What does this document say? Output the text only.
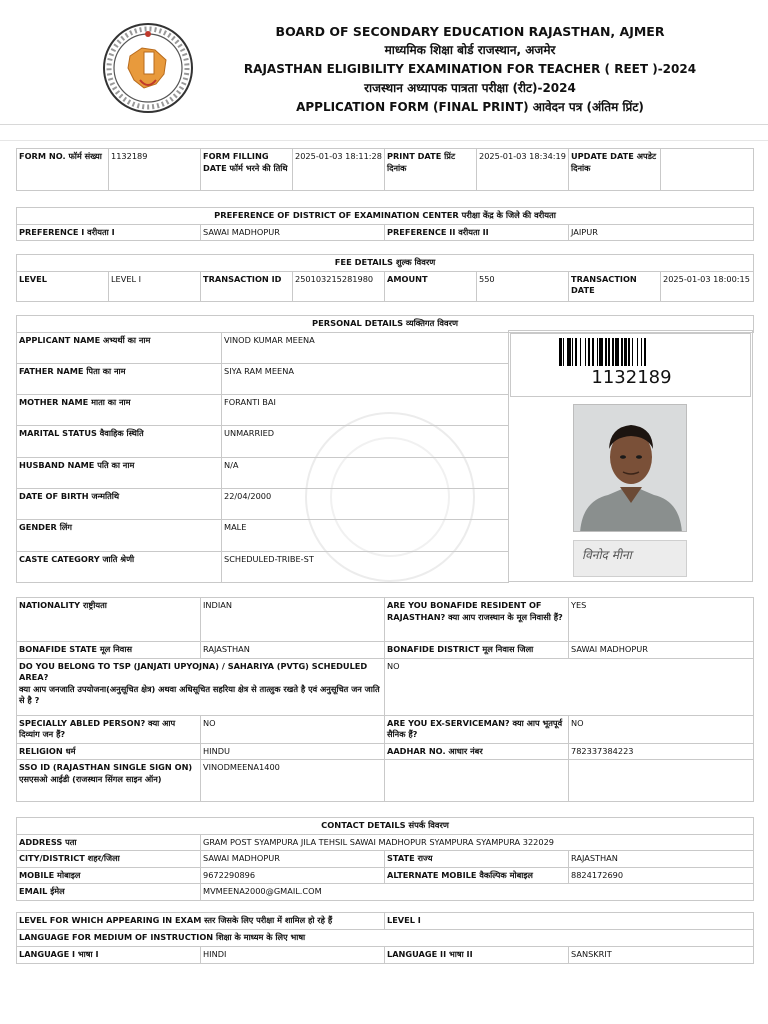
BOARD OF SECONDARY EDUCATION RAJASTHAN, AJMER
माध्यमिक शिक्षा बोर्ड राजस्थान, अजमेर
RAJASTHAN ELIGIBILITY EXAMINATION FOR TEACHER ( REET )-2024
राजस्थान अध्यापक पात्रता परीक्षा (रीट)-2024
APPLICATION FORM (FINAL PRINT) आवेदन पत्र (अंतिम प्रिंट)
FORM NO. फॉर्म संख्या	1132189	FORM FILLING DATE फॉर्म भरने की तिथि	2025-01-03 18:11:28	PRINT DATE प्रिंट दिनांक	2025-01-03 18:34:19	UPDATE DATE अपडेट दिनांक	
PREFERENCE OF DISTRICT OF EXAMINATION CENTER परीक्षा केंद्र के जिले की वरीयता
PREFERENCE I वरीयता I	SAWAI MADHOPUR	PREFERENCE II वरीयता II	JAIPUR
FEE DETAILS शुल्क विवरण
LEVEL	LEVEL I	TRANSACTION ID	250103215281980	AMOUNT	550	TRANSACTION DATE	2025-01-03 18:00:15
PERSONAL DETAILS व्यक्तिगत विवरण		
APPLICANT NAME अभ्यर्थी का नाम	VINOD KUMAR MEENA	
FATHER NAME पिता का नाम	SIYA RAM MEENA	
MOTHER NAME माता का नाम	FORANTI BAI	
MARITAL STATUS वैवाहिक स्थिति	UNMARRIED	
HUSBAND NAME पति का नाम	N/A	
DATE OF BIRTH जन्मतिथि	22/04/2000	
GENDER लिंग	MALE	
CASTE CATEGORY जाति श्रेणी	SCHEDULED-TRIBE-ST	
1132189
विनोद मीना
NATIONALITY राष्ट्रीयता	INDIAN	ARE YOU BONAFIDE RESIDENT OF RAJASTHAN? क्या आप राजस्थान के मूल निवासी हैं?	YES
BONAFIDE STATE मूल निवास	RAJASTHAN	BONAFIDE DISTRICT मूल निवास जिला	SAWAI MADHOPUR
DO YOU BELONG TO TSP (JANJATI UPYOJNA) / SAHARIYA (PVTG) SCHEDULED AREA?
क्या आप जनजाति उपयोजना(अनुसूचित क्षेत्र) अथवा अधिसूचित सहरिया क्षेत्र से तात्लुक रखते है एवं अनुसूचित जन जाति से है ?		NO	
SPECIALLY ABLED PERSON? क्या आप दिव्यांग जन हैं?	NO	ARE YOU EX-SERVICEMAN? क्या आप भूतपूर्व सैनिक हैं?	NO
RELIGION धर्म	HINDU	AADHAR NO. आधार नंबर	782337384223
SSO ID (RAJASTHAN SINGLE SIGN ON) एसएसओ आईडी (राजस्थान सिंगल साइन ऑन)	VINODMEENA1400		
CONTACT DETAILS संपर्क विवरण			
ADDRESS पता	GRAM POST SYAMPURA JILA TEHSIL SAWAI MADHOPUR SYAMPURA SYAMPURA 322029		
CITY/DISTRICT शहर/जिला	SAWAI MADHOPUR	STATE राज्य	RAJASTHAN
MOBILE मोबाइल	9672290896	ALTERNATE MOBILE वैकल्पिक मोबाइल	8824172690
EMAIL ईमेल	MVMEENA2000@GMAIL.COM		
LEVEL FOR WHICH APPEARING IN EXAM स्तर जिसके लिए परीक्षा में शामिल हो रहे हैं		LEVEL I	
LANGUAGE FOR MEDIUM OF INSTRUCTION शिक्षा के माध्यम के लिए भाषा			
LANGUAGE I भाषा I	HINDI	LANGUAGE II भाषा II	SANSKRIT
